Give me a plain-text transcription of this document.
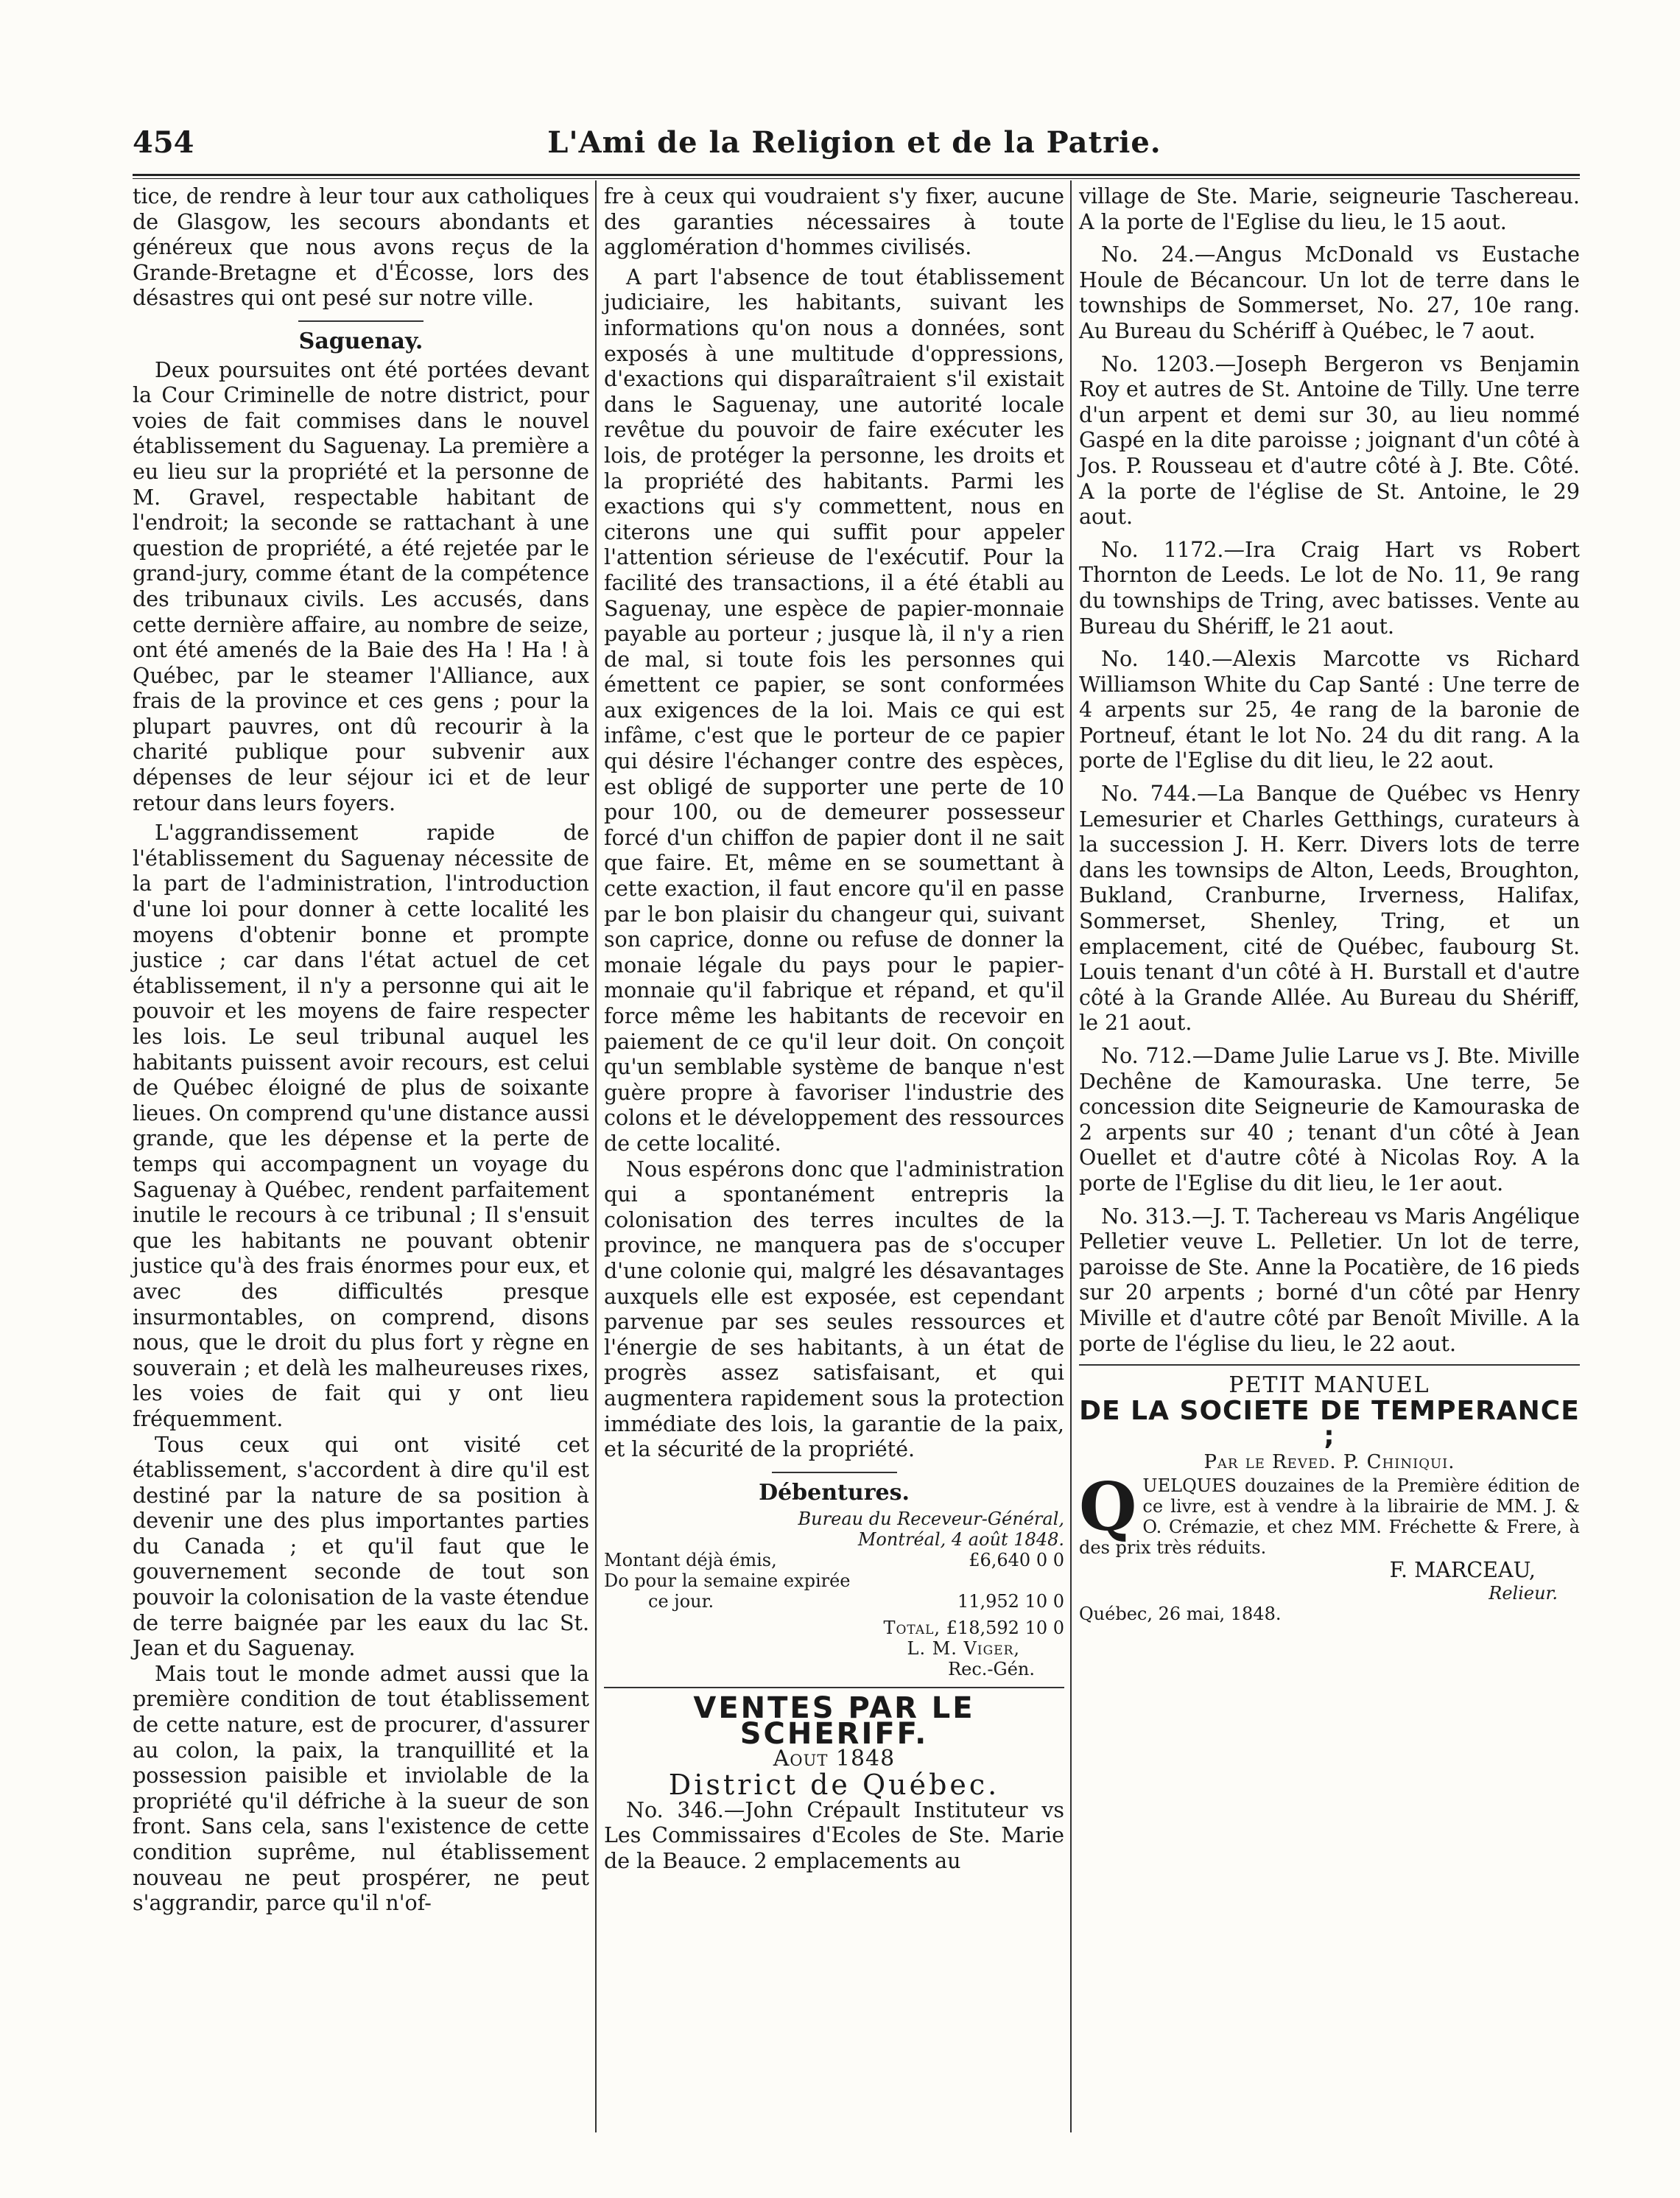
454	L'Ami de la Religion et de la Patrie.

tice, de rendre à leur tour aux catholiques de Glasgow, les secours abondants et généreux que nous avons reçus de la Grande-Bretagne et d'Écosse, lors des désastres qui ont pesé sur notre ville.

Saguenay.

Deux poursuites ont été portées devant la Cour Criminelle de notre district, pour voies de fait commises dans le nouvel établissement du Saguenay. La première a eu lieu sur la propriété et la personne de M. Gravel, respectable habitant de l'endroit; la seconde se rattachant à une question de propriété, a été rejetée par le grand-jury, comme étant de la compétence des tribunaux civils. Les accusés, dans cette dernière affaire, au nombre de seize, ont été amenés de la Baie des Ha ! Ha ! à Québec, par le steamer l'Alliance, aux frais de la province et ces gens ; pour la plupart pauvres, ont dû recourir à la charité publique pour subvenir aux dépenses de leur séjour ici et de leur retour dans leurs foyers.

L'aggrandissement rapide de l'établissement du Saguenay nécessite de la part de l'administration, l'introduction d'une loi pour donner à cette localité les moyens d'obtenir bonne et prompte justice ; car dans l'état actuel de cet établissement, il n'y a personne qui ait le pouvoir et les moyens de faire respecter les lois. Le seul tribunal auquel les habitants puissent avoir recours, est celui de Québec éloigné de plus de soixante lieues. On comprend qu'une distance aussi grande, que les dépense et la perte de temps qui accompagnent un voyage du Saguenay à Québec, rendent parfaitement inutile le recours à ce tribunal ; Il s'ensuit que les habitants ne pouvant obtenir justice qu'à des frais énormes pour eux, et avec des difficultés presque insurmontables, on comprend, disons nous, que le droit du plus fort y règne en souverain ; et delà les malheureuses rixes, les voies de fait qui y ont lieu fréquemment.

Tous ceux qui ont visité cet établissement, s'accordent à dire qu'il est destiné par la nature de sa position à devenir une des plus importantes parties du Canada ; et qu'il faut que le gouvernement seconde de tout son pouvoir la colonisation de la vaste étendue de terre baignée par les eaux du lac St. Jean et du Saguenay.

Mais tout le monde admet aussi que la première condition de tout établissement de cette nature, est de procurer, d'assurer au colon, la paix, la tranquillité et la possession paisible et inviolable de la propriété qu'il défriche à la sueur de son front. Sans cela, sans l'existence de cette condition suprême, nul établissement nouveau ne peut prospérer, ne peut s'aggrandir, parce qu'il n'of-

fre à ceux qui voudraient s'y fixer, aucune des garanties nécessaires à toute agglomération d'hommes civilisés.

A part l'absence de tout établissement judiciaire, les habitants, suivant les informations qu'on nous a données, sont exposés à une multitude d'oppressions, d'exactions qui disparaîtraient s'il existait dans le Saguenay, une autorité locale revêtue du pouvoir de faire exécuter les lois, de protéger la personne, les droits et la propriété des habitants. Parmi les exactions qui s'y commettent, nous en citerons une qui suffit pour appeler l'attention sérieuse de l'exécutif. Pour la facilité des transactions, il a été établi au Saguenay, une espèce de papier-monnaie payable au porteur ; jusque là, il n'y a rien de mal, si toute fois les personnes qui émettent ce papier, se sont conformées aux exigences de la loi. Mais ce qui est infâme, c'est que le porteur de ce papier qui désire l'échanger contre des espèces, est obligé de supporter une perte de 10 pour 100, ou de demeurer possesseur forcé d'un chiffon de papier dont il ne sait que faire. Et, même en se soumettant à cette exaction, il faut encore qu'il en passe par le bon plaisir du changeur qui, suivant son caprice, donne ou refuse de donner la monaie légale du pays pour le papier-monnaie qu'il fabrique et répand, et qu'il force même les habitants de recevoir en paiement de ce qu'il leur doit. On conçoit qu'un semblable système de banque n'est guère propre à favoriser l'industrie des colons et le développement des ressources de cette localité.

Nous espérons donc que l'administration qui a spontanément entrepris la colonisation des terres incultes de la province, ne manquera pas de s'occuper d'une colonie qui, malgré les désavantages auxquels elle est exposée, est cependant parvenue par ses seules ressources et l'énergie de ses habitants, à un état de progrès assez satisfaisant, et qui augmentera rapidement sous la protection immédiate des lois, la garantie de la paix, et la sécurité de la propriété.

Débentures.
Bureau du Receveur-Général,
Montréal, 4 août 1848.
Montant déjà émis,	£6,640 0 0
Do pour la semaine expirée
ce jour.	11,952 10 0
Total, £18,592 10 0
L. M. Viger,
Rec.-Gén.
VENTES PAR LE SCHERIFF.
Aout 1848
District de Québec.

No. 346.—John Crépault Instituteur vs Les Commissaires d'Ecoles de Ste. Marie de la Beauce. 2 emplacements au

village de Ste. Marie, seigneurie Taschereau. A la porte de l'Eglise du lieu, le 15 aout.

No. 24.—Angus McDonald vs Eustache Houle de Bécancour. Un lot de terre dans le townships de Sommerset, No. 27, 10e rang. Au Bureau du Schériff à Québec, le 7 aout.

No. 1203.—Joseph Bergeron vs Benjamin Roy et autres de St. Antoine de Tilly. Une terre d'un arpent et demi sur 30, au lieu nommé Gaspé en la dite paroisse ; joignant d'un côté à Jos. P. Rousseau et d'autre côté à J. Bte. Côté. A la porte de l'église de St. Antoine, le 29 aout.

No. 1172.—Ira Craig Hart vs Robert Thornton de Leeds. Le lot de No. 11, 9e rang du townships de Tring, avec batisses. Vente au Bureau du Shériff, le 21 aout.

No. 140.—Alexis Marcotte vs Richard Williamson White du Cap Santé : Une terre de 4 arpents sur 25, 4e rang de la baronie de Portneuf, étant le lot No. 24 du dit rang. A la porte de l'Eglise du dit lieu, le 22 aout.

No. 744.—La Banque de Québec vs Henry Lemesurier et Charles Getthings, curateurs à la succession J. H. Kerr. Divers lots de terre dans les townsips de Alton, Leeds, Broughton, Bukland, Cranburne, Irverness, Halifax, Sommerset, Shenley, Tring, et un emplacement, cité de Québec, faubourg St. Louis tenant d'un côté à H. Burstall et d'autre côté à la Grande Allée. Au Bureau du Shériff, le 21 aout.

No. 712.—Dame Julie Larue vs J. Bte. Miville Dechêne de Kamouraska. Une terre, 5e concession dite Seigneurie de Kamouraska de 2 arpents sur 40 ; tenant d'un côté à Jean Ouellet et d'autre côté à Nicolas Roy. A la porte de l'Eglise du dit lieu, le 1er aout.

No. 313.—J. T. Tachereau vs Maris Angélique Pelletier veuve L. Pelletier. Un lot de terre, paroisse de Ste. Anne la Pocatière, de 16 pieds sur 20 arpents ; borné d'un côté par Henry Miville et d'autre côté par Benoît Miville. A la porte de l'église du lieu, le 22 aout.

PETIT MANUEL
DE LA SOCIETE DE TEMPERANCE ;
Par le Reved. P. Chiniqui.
Q UELQUES douzaines de la Première édition de ce livre, est à vendre à la librairie de MM. J. & O. Crémazie, et chez MM. Fréchette & Frere, à des prix très réduits.
F. MARCEAU,
Relieur.
Québec, 26 mai, 1848.
